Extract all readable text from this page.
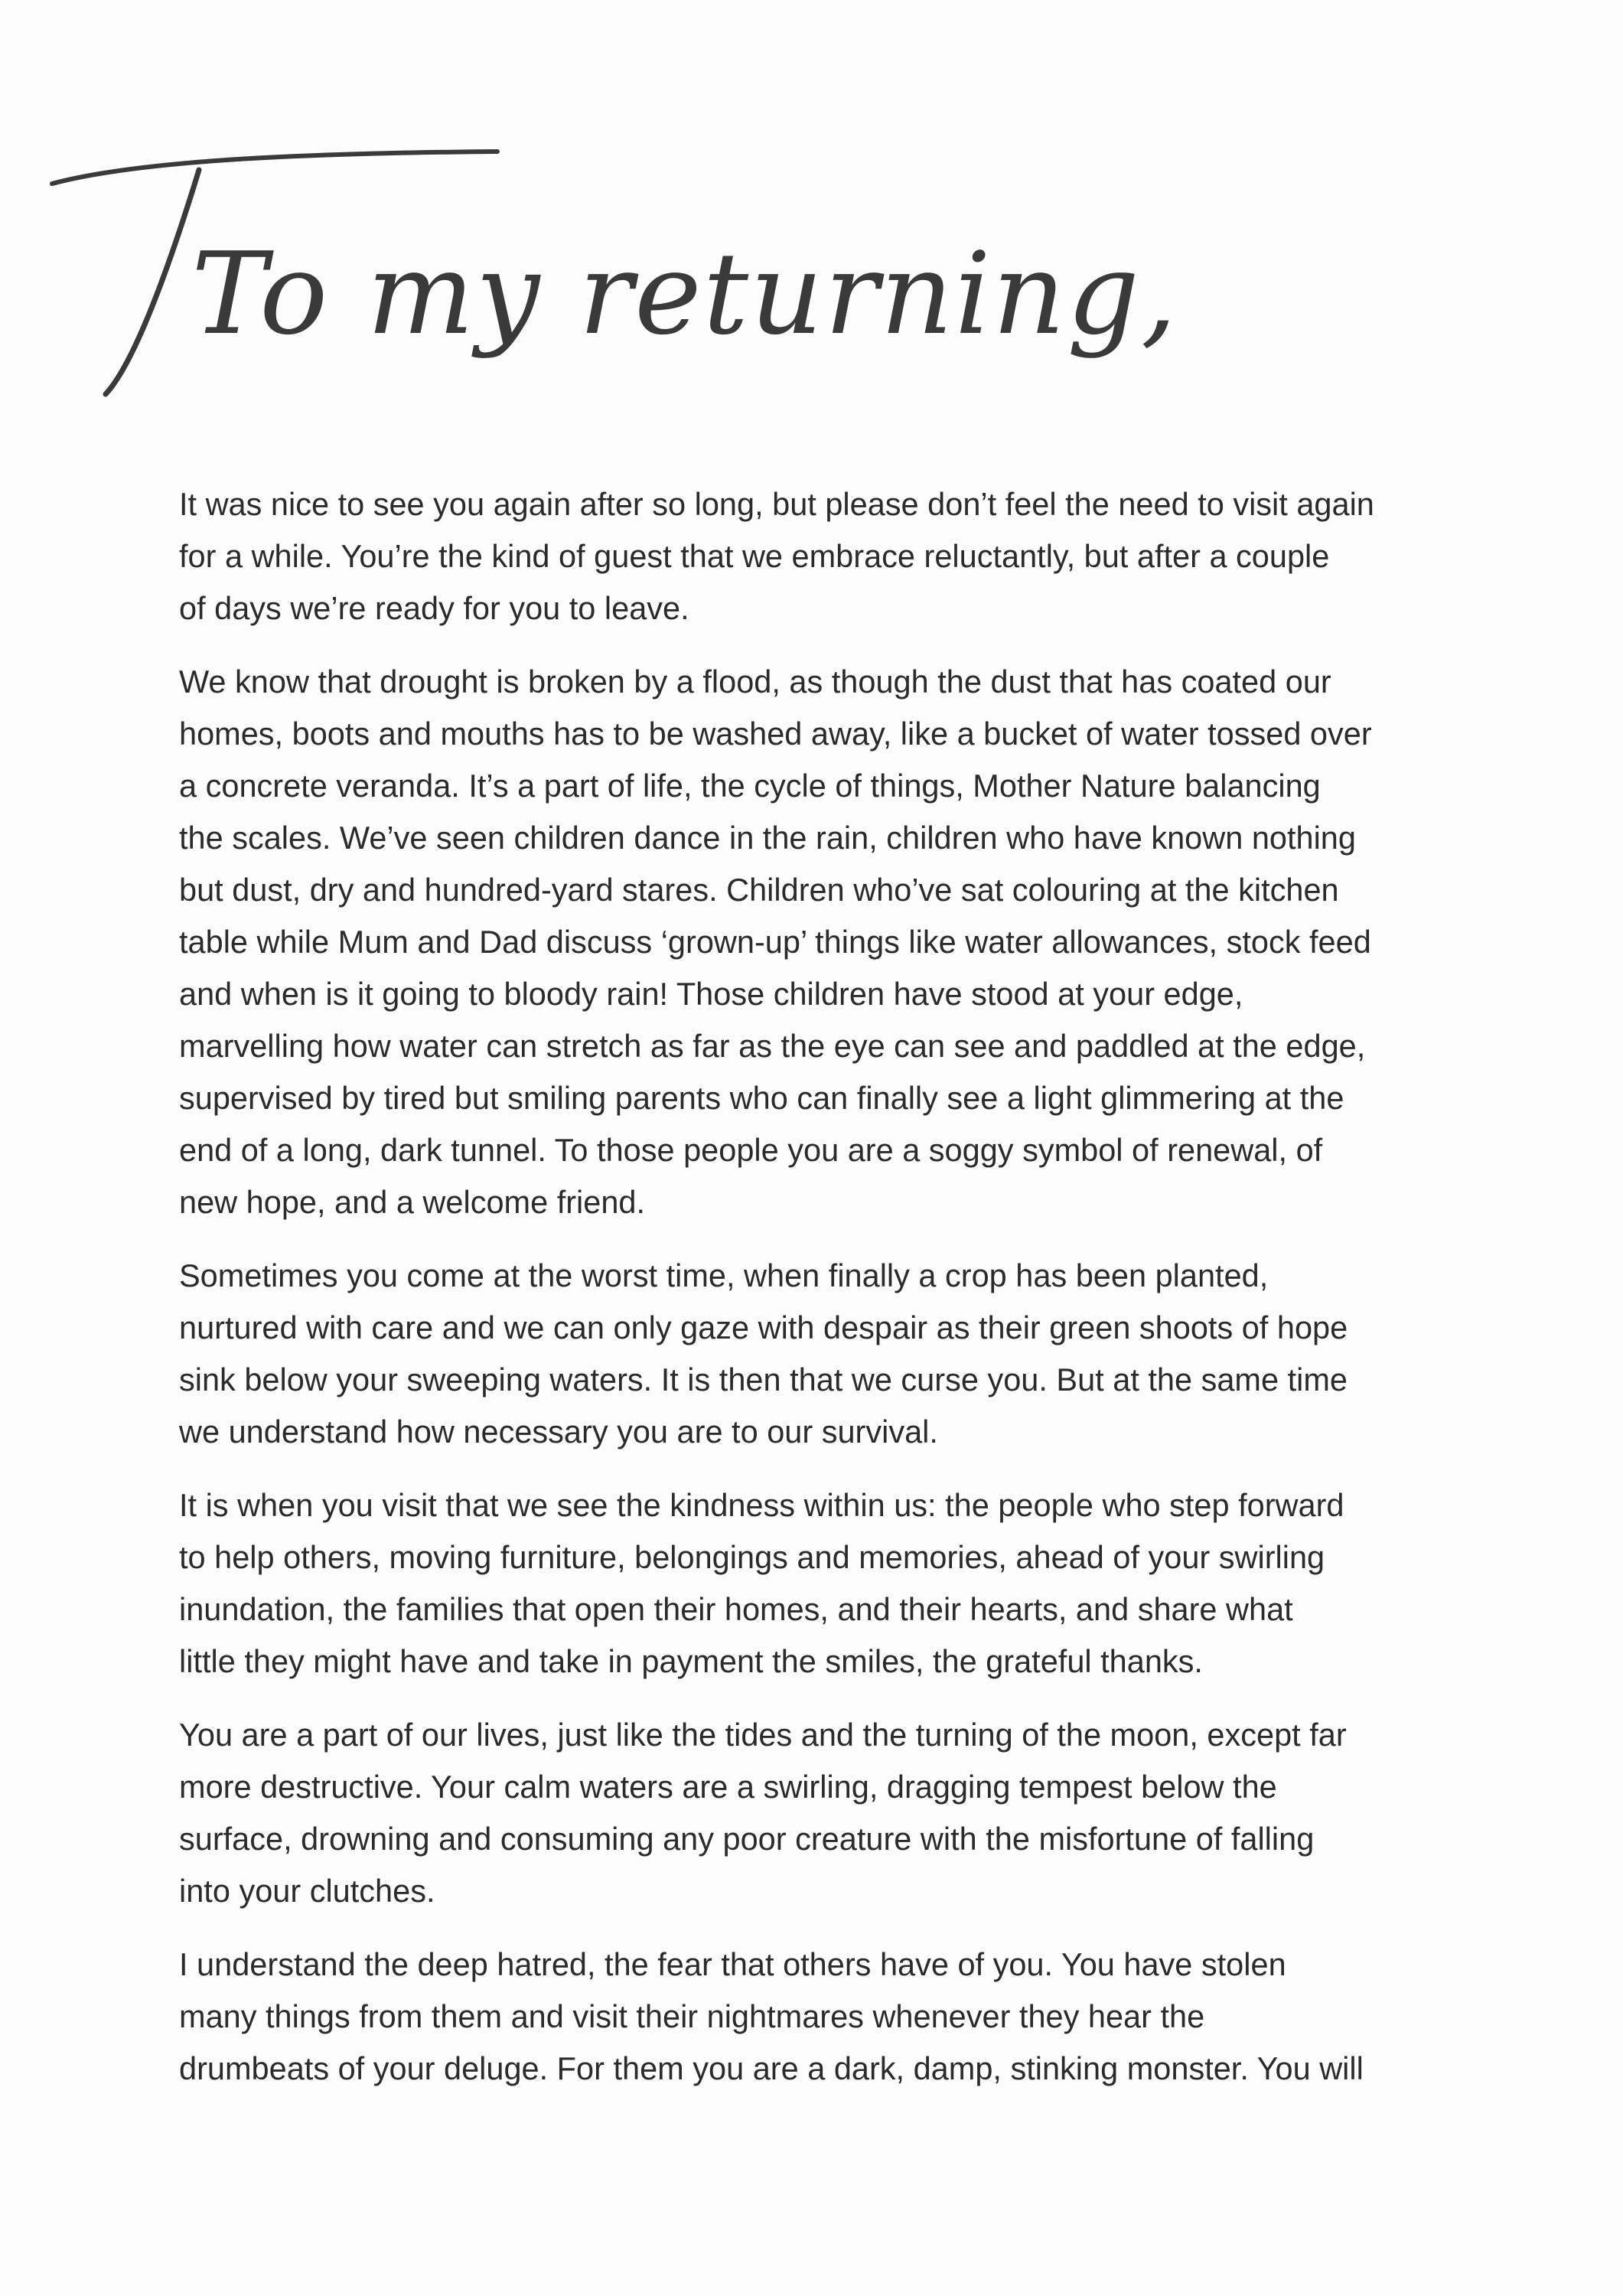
To my returning,

It was nice to see you again after so long, but please don’t feel the need to visit again
for a while. You’re the kind of guest that we embrace reluctantly, but after a couple
of days we’re ready for you to leave.

We know that drought is broken by a flood, as though the dust that has coated our
homes, boots and mouths has to be washed away, like a bucket of water tossed over
a concrete veranda. It’s a part of life, the cycle of things, Mother Nature balancing
the scales. We’ve seen children dance in the rain, children who have known nothing
but dust, dry and hundred-yard stares. Children who’ve sat colouring at the kitchen
table while Mum and Dad discuss ‘grown-up’ things like water allowances, stock feed
and when is it going to bloody rain! Those children have stood at your edge,
marvelling how water can stretch as far as the eye can see and paddled at the edge,
supervised by tired but smiling parents who can finally see a light glimmering at the
end of a long, dark tunnel. To those people you are a soggy symbol of renewal, of
new hope, and a welcome friend.

Sometimes you come at the worst time, when finally a crop has been planted,
nurtured with care and we can only gaze with despair as their green shoots of hope
sink below your sweeping waters. It is then that we curse you. But at the same time
we understand how necessary you are to our survival.

It is when you visit that we see the kindness within us: the people who step forward
to help others, moving furniture, belongings and memories, ahead of your swirling
inundation, the families that open their homes, and their hearts, and share what
little they might have and take in payment the smiles, the grateful thanks.

You are a part of our lives, just like the tides and the turning of the moon, except far
more destructive. Your calm waters are a swirling, dragging tempest below the
surface, drowning and consuming any poor creature with the misfortune of falling
into your clutches.

I understand the deep hatred, the fear that others have of you. You have stolen
many things from them and visit their nightmares whenever they hear the
drumbeats of your deluge. For them you are a dark, damp, stinking monster. You will
